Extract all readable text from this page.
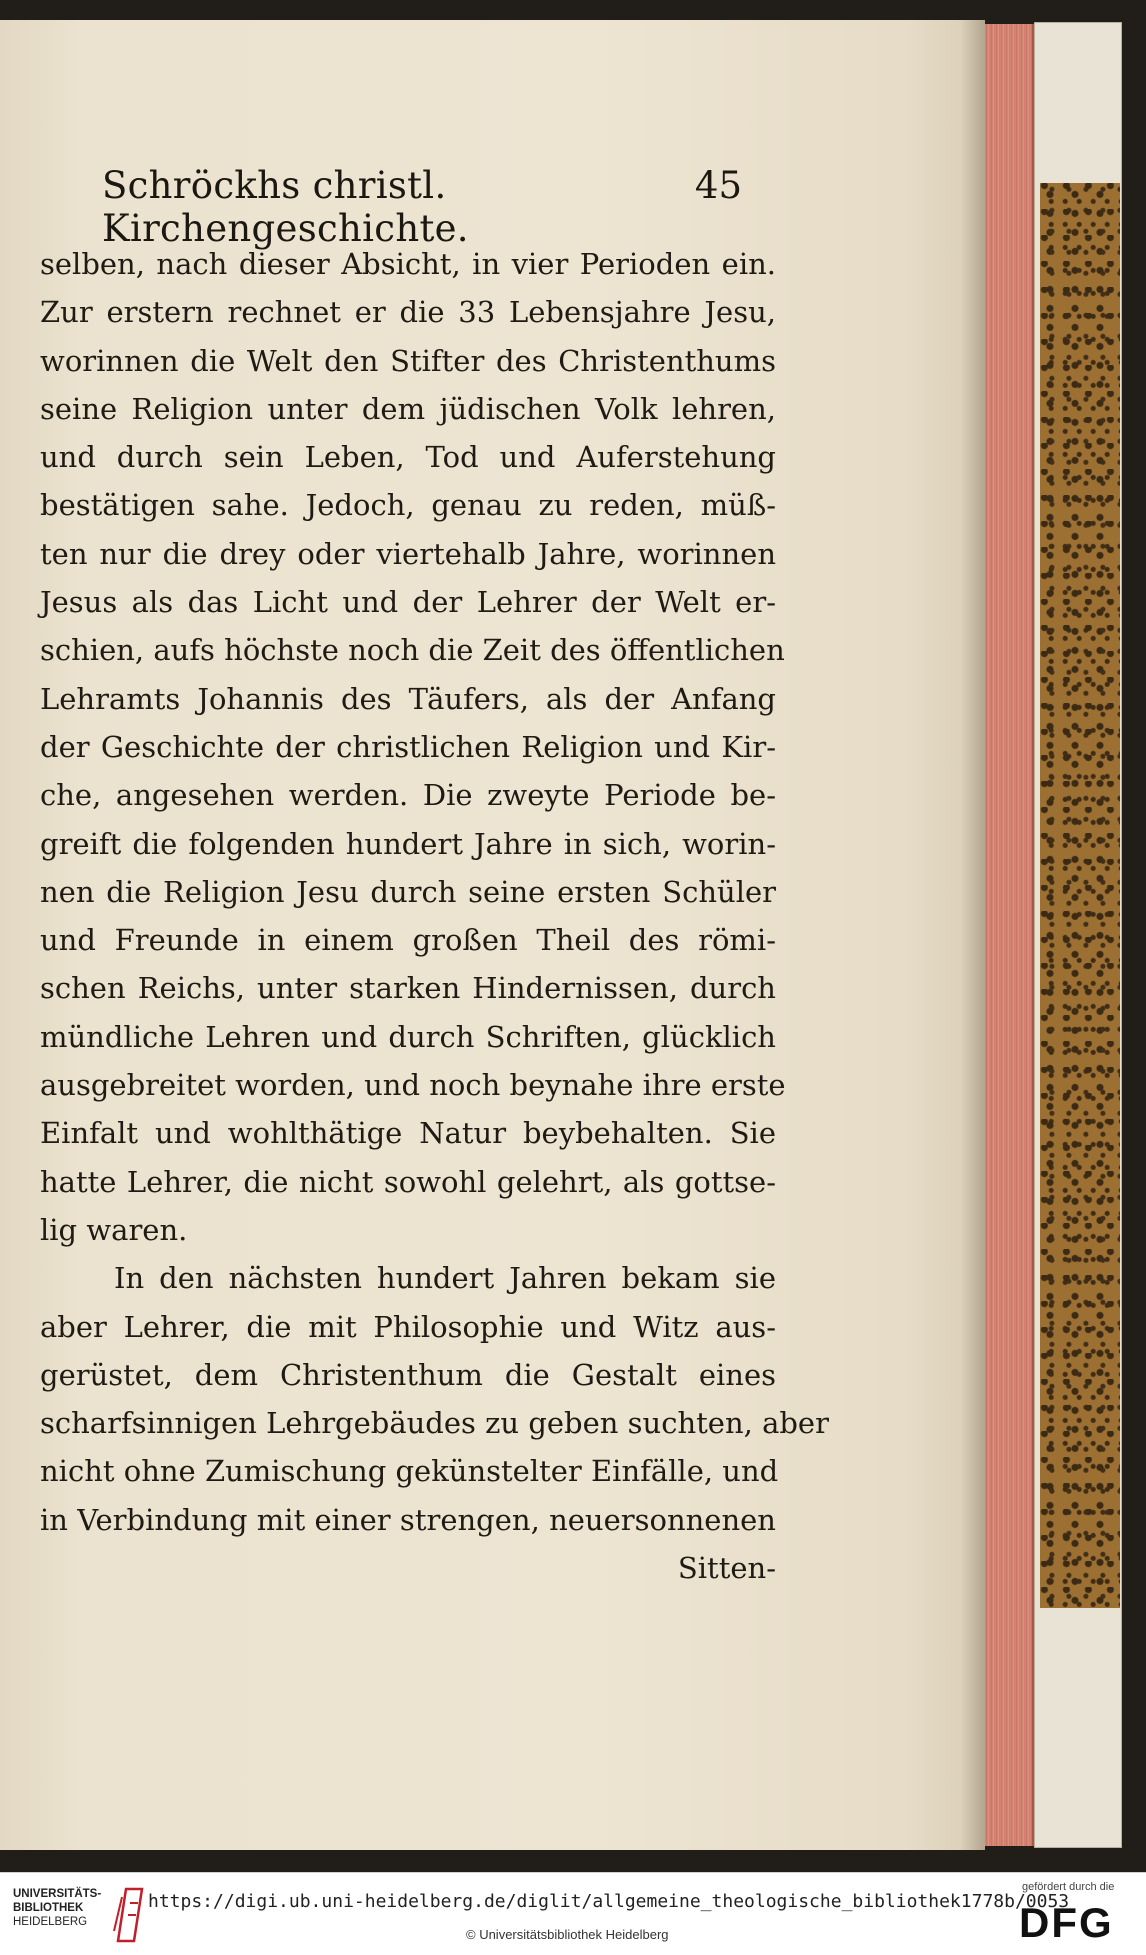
Schröckhs christl. Kirchengeschichte.
45
selben, nach dieser Absicht, in vier Perioden ein.
Zur erstern rechnet er die 33 Lebensjahre Jesu,
worinnen die Welt den Stifter des Christenthums
seine Religion unter dem jüdischen Volk lehren,
und durch sein Leben, Tod und Auferstehung
bestätigen sahe. Jedoch, genau zu reden, müß-
ten nur die drey oder viertehalb Jahre, worinnen
Jesus als das Licht und der Lehrer der Welt er-
schien, aufs höchste noch die Zeit des öffentlichen
Lehramts Johannis des Täufers, als der Anfang
der Geschichte der christlichen Religion und Kir-
che, angesehen werden. Die zweyte Periode be-
greift die folgenden hundert Jahre in sich, worin-
nen die Religion Jesu durch seine ersten Schüler
und Freunde in einem großen Theil des römi-
schen Reichs, unter starken Hindernissen, durch
mündliche Lehren und durch Schriften, glücklich
ausgebreitet worden, und noch beynahe ihre erste
Einfalt und wohlthätige Natur beybehalten. Sie
hatte Lehrer, die nicht sowohl gelehrt, als gottse-
lig waren.
In den nächsten hundert Jahren bekam sie
aber Lehrer, die mit Philosophie und Witz aus-
gerüstet, dem Christenthum die Gestalt eines
scharfsinnigen Lehrgebäudes zu geben suchten, aber
nicht ohne Zumischung gekünstelter Einfälle, und
in Verbindung mit einer strengen, neuersonnenen
Sitten-
UNIVERSITÄTS-
BIBLIOTHEK
HEIDELBERG
https://digi.ub.uni-heidelberg.de/diglit/allgemeine_theologische_bibliothek1778b/0053
© Universitätsbibliothek Heidelberg
gefördert durch die
DFG
